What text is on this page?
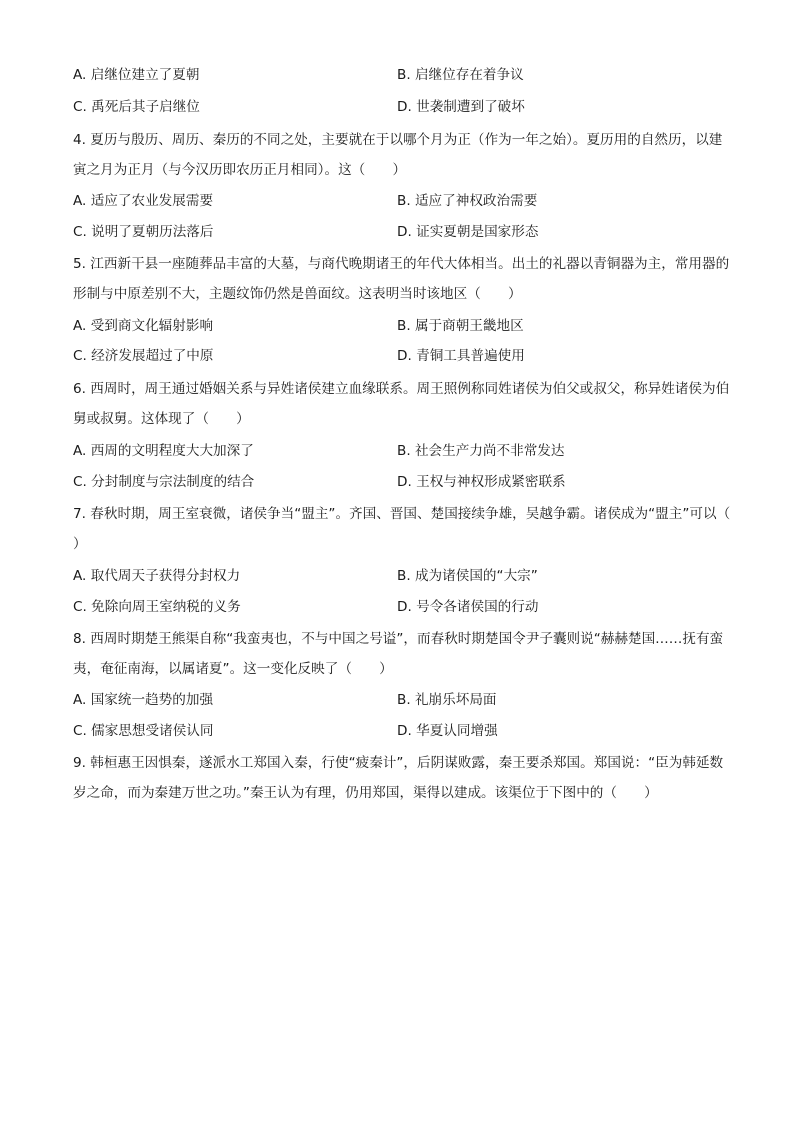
A. 启继位建立了夏朝	B. 启继位存在着争议
C. 禹死后其子启继位	D. 世袭制遭到了破坏

4. 夏历与殷历、周历、秦历的不同之处，主要就在于以哪个月为正（作为一年之始）。夏历用的自然历，以建寅之月为正月（与今汉历即农历正月相同）。这（　　）

A. 适应了农业发展需要	B. 适应了神权政治需要
C. 说明了夏朝历法落后	D. 证实夏朝是国家形态

5. 江西新干县一座随葬品丰富的大墓，与商代晚期诸王的年代大体相当。出土的礼器以青铜器为主，常用器的形制与中原差别不大，主题纹饰仍然是兽面纹。这表明当时该地区（　　）

A. 受到商文化辐射影响	B. 属于商朝王畿地区
C. 经济发展超过了中原	D. 青铜工具普遍使用

6. 西周时，周王通过婚姻关系与异姓诸侯建立血缘联系。周王照例称同姓诸侯为伯父或叔父，称异姓诸侯为伯舅或叔舅。这体现了（　　）

A. 西周的文明程度大大加深了	B. 社会生产力尚不非常发达
C. 分封制度与宗法制度的结合	D. 王权与神权形成紧密联系

7. 春秋时期，周王室衰微，诸侯争当“盟主”。齐国、晋国、楚国接续争雄，吴越争霸。诸侯成为“盟主”可以（　　）

A. 取代周天子获得分封权力	B. 成为诸侯国的“大宗”
C. 免除向周王室纳税的义务	D. 号令各诸侯国的行动

8. 西周时期楚王熊渠自称“我蛮夷也，不与中国之号谥”，而春秋时期楚国令尹子囊则说“赫赫楚国……抚有蛮夷，奄征南海，以属诸夏”。这一变化反映了（　　）

A. 国家统一趋势的加强	B. 礼崩乐坏局面
C. 儒家思想受诸侯认同	D. 华夏认同增强

9. 韩桓惠王因惧秦，遂派水工郑国入秦，行使“疲秦计”，后阴谋败露，秦王要杀郑国。郑国说：“臣为韩延数岁之命，而为秦建万世之功。”秦王认为有理，仍用郑国，渠得以建成。该渠位于下图中的（　　）
